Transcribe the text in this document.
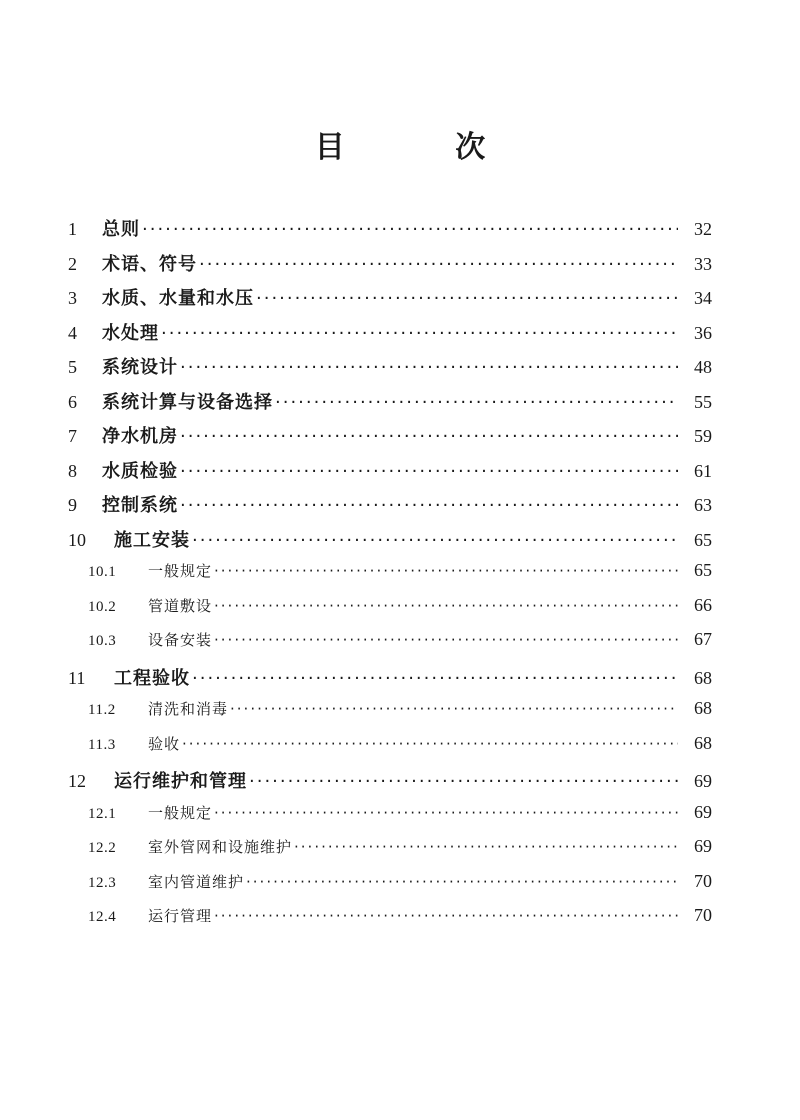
目 次
1	总则 ·····	32
2	术语、符号 ·····	33
3	水质、水量和水压 ·····	34
4	水处理 ·····	36
5	系统设计 ·····	48
6	系统计算与设备选择 ·····	55
7	净水机房 ·····	59
8	水质检验 ·····	61
9	控制系统 ·····	63
10	施工安装 ·····	65
10.1	一般规定 ·····	65
10.2	管道敷设 ·····	66
10.3	设备安装 ·····	67
11	工程验收 ·····	68
11.2	清洗和消毒 ·····	68
11.3	验收 ·····	68
12	运行维护和管理 ·····	69
12.1	一般规定 ·····	69
12.2	室外管网和设施维护 ·····	69
12.3	室内管道维护 ·····	70
12.4	运行管理 ·····	70
